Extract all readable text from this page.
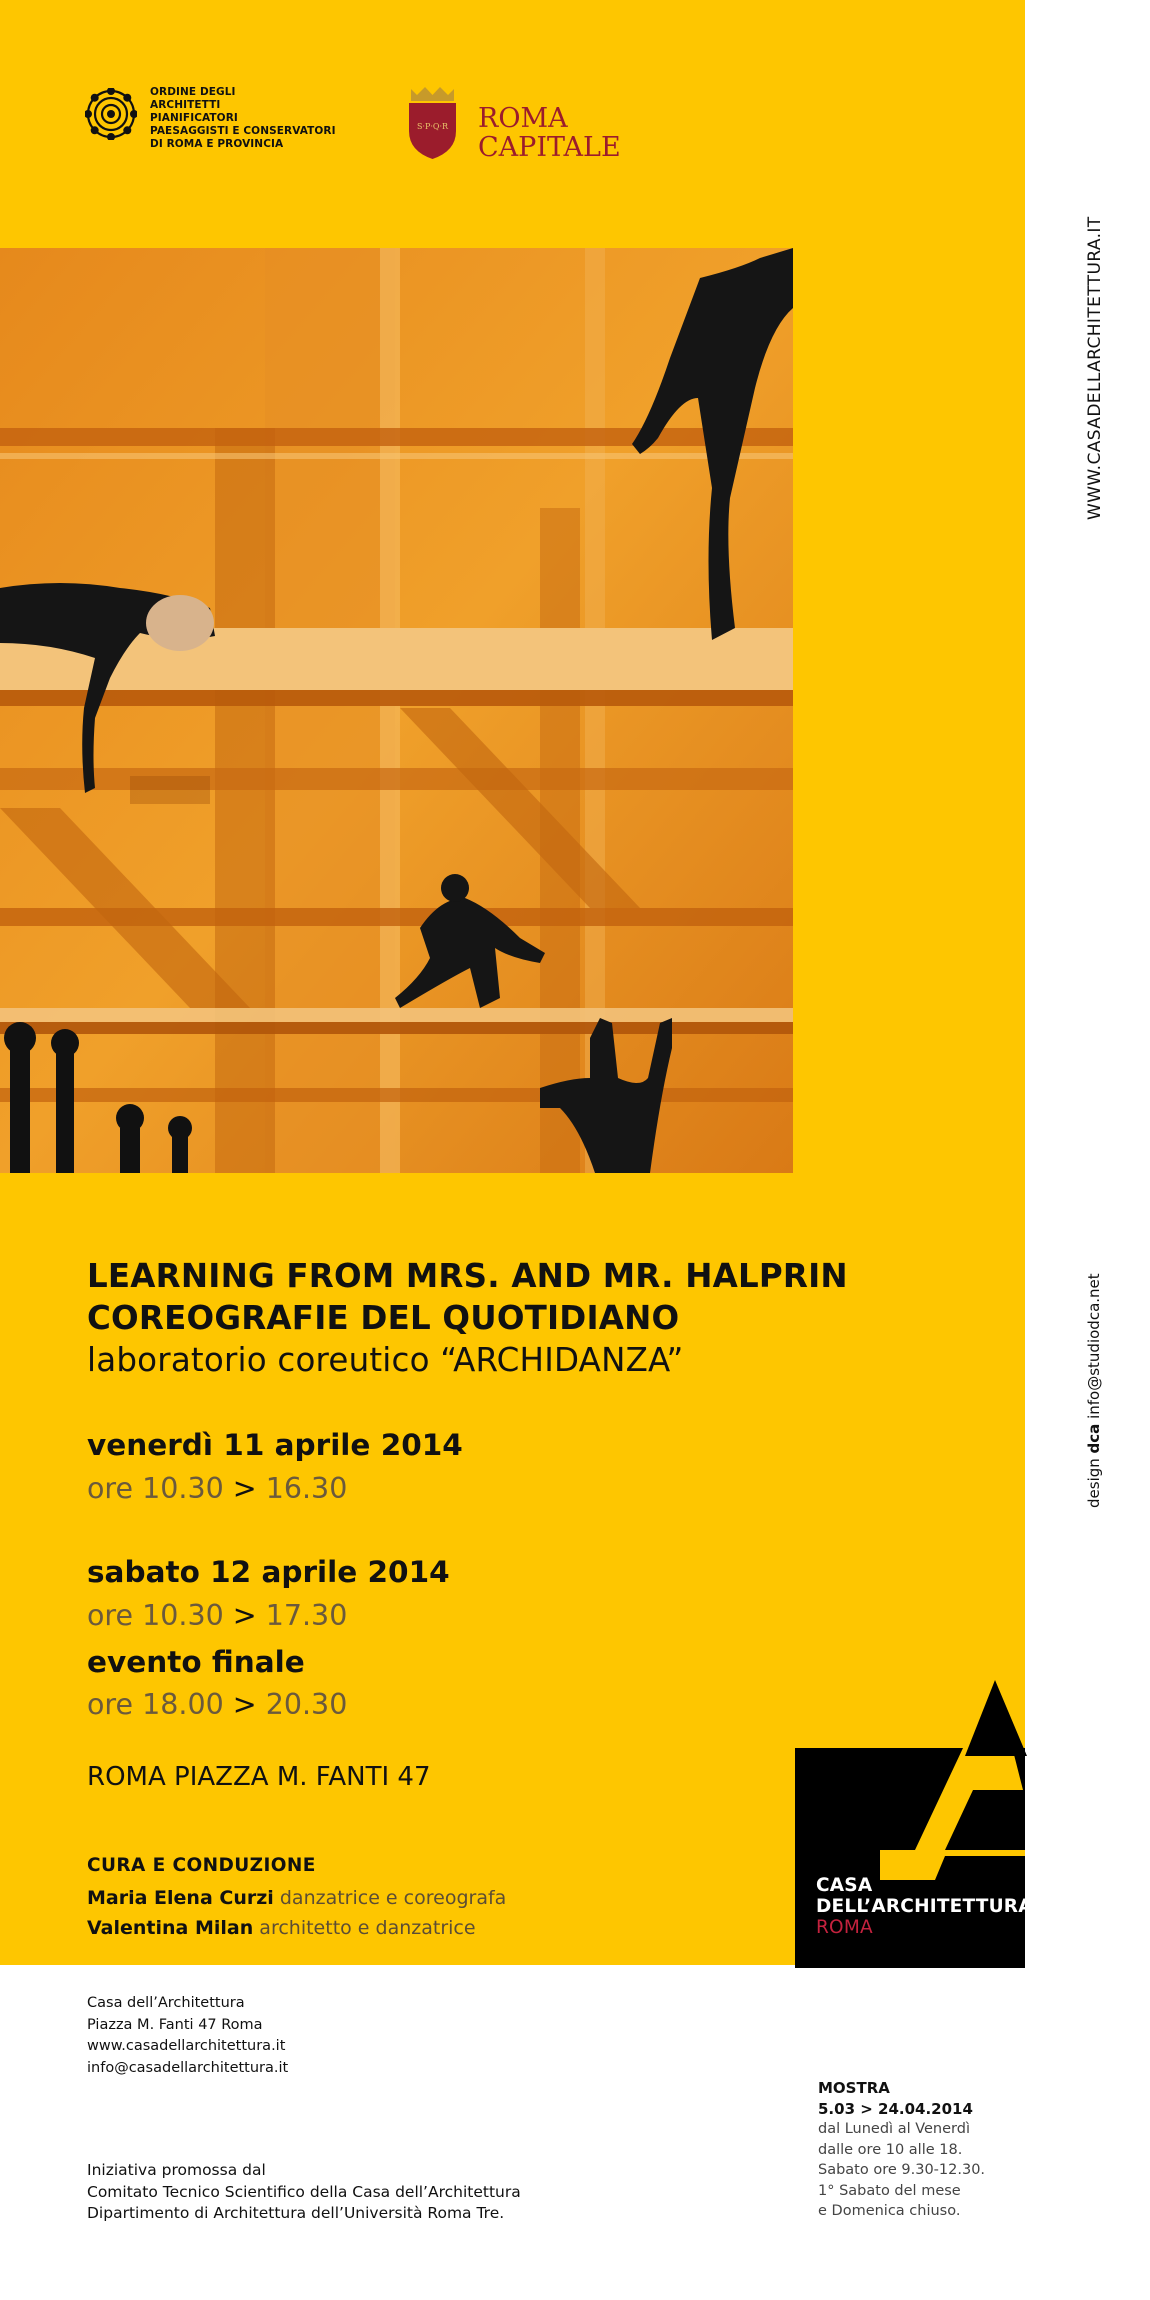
ORDINE DEGLI
ARCHITETTI
PIANIFICATORI
PAESAGGISTI E CONSERVATORI
DI ROMA E PROVINCIA
S·P·Q·R ROMA
CAPITALE
WWW.CASADELLARCHITETTURA.IT
design dca info@studiodca.net
LEARNING FROM MRS. AND MR. HALPRIN
COREOGRAFIE DEL QUOTIDIANO
laboratorio coreutico “ARCHIDANZA”
venerdì 11 aprile 2014
ore 10.30 > 16.30
sabato 12 aprile 2014
ore 10.30 > 17.30
evento finale
ore 18.00 > 20.30
ROMA PIAZZA M. FANTI 47
CURA E CONDUZIONE
Maria Elena Curzi danzatrice e coreografa
Valentina Milan architetto e danzatrice
CASA
DELL’ARCHITETTURA
ROMA
Casa dell’Architettura
Piazza M. Fanti 47 Roma
www.casadellarchitettura.it
info@casadellarchitettura.it
Iniziativa promossa dal
Comitato Tecnico Scientifico della Casa dell’Architettura
Dipartimento di Architettura dell’Università Roma Tre.
MOSTRA
5.03 > 24.04.2014
dal Lunedì al Venerdì
dalle ore 10 alle 18.
Sabato ore 9.30-12.30.
1° Sabato del mese
e Domenica chiuso.
